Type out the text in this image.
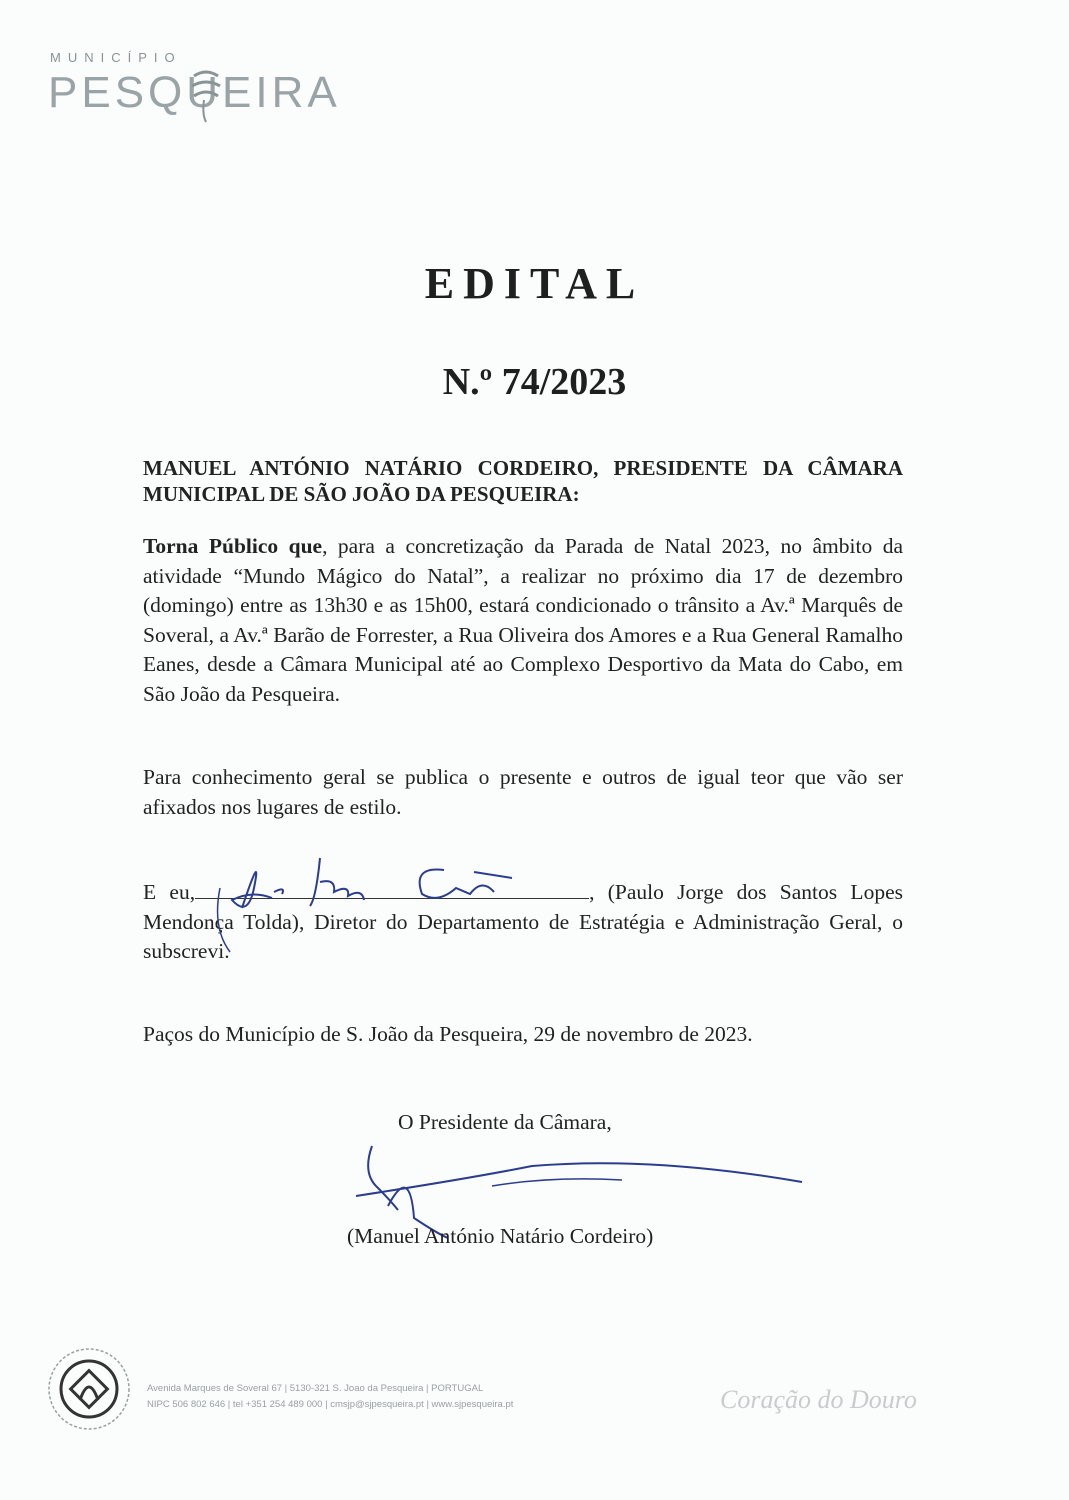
MUNICÍPIO
PESQUEIRA
EDITAL
N.º 74/2023

MANUEL ANTÓNIO NATÁRIO CORDEIRO, PRESIDENTE DA CÂMARA MUNICIPAL DE SÃO JOÃO DA PESQUEIRA:

Torna Público que, para a concretização da Parada de Natal 2023, no âmbito da atividade “Mundo Mágico do Natal”, a realizar no próximo dia 17 de dezembro (domingo) entre as 13h30 e as 15h00, estará condicionado o trânsito a Av.ª Marquês de Soveral, a Av.ª Barão de Forrester, a Rua Oliveira dos Amores e a Rua General Ramalho Eanes, desde a Câmara Municipal até ao Complexo Desportivo da Mata do Cabo, em São João da Pesqueira.

Para conhecimento geral se publica o presente e outros de igual teor que vão ser afixados nos lugares de estilo.

E eu,	, (Paulo Jorge dos Santos Lopes Mendonça Tolda), Diretor do Departamento de Estratégia e Administração Geral, o subscrevi.

Paços do Município de S. João da Pesqueira, 29 de novembro de 2023.

O Presidente da Câmara,

(Manuel António Natário Cordeiro)

Avenida Marques de Soveral 67 | 5130-321 S. Joao da Pesqueira | PORTUGAL

NIPC 506 802 646 | tel +351 254 489 000 | cmsjp@sjpesqueira.pt | www.sjpesqueira.pt	Coração do Douro
